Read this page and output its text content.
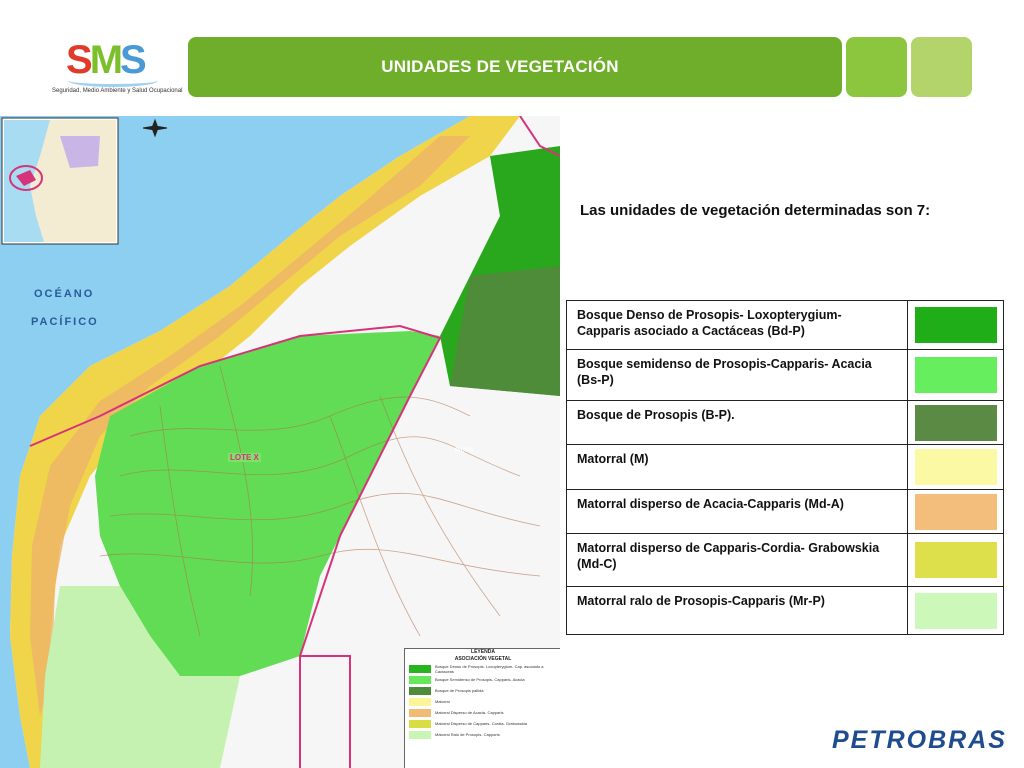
SMS
Seguridad, Medio Ambiente y Salud Ocupacional
UNIDADES DE VEGETACIÓN
OCÉANO
PACÍFICO
LOTE X
PIURA
LEYENDA
ASOCIACIÓN VEGETAL
Bosque Denso de Prosopis- Loxopterygium- Cap. asociado a Cactaceas
Bosque Semidenso de Prosopis- Capparis- Acacia
Bosque de Prosopis pallida
Matorral
Matorral Disperso de Acacia- Capparis
Matorral Disperso de Capparis- Cordia- Grabowskia
Matorral Ralo de Prosopis- Capparis
Las unidades de vegetación determinadas son 7:
Bosque Denso de Prosopis- Loxopterygium- Capparis asociado a Cactáceas (Bd-P)	

Bosque semidenso de Prosopis-Capparis- Acacia (Bs-P)	

Bosque de Prosopis (B-P).	

Matorral (M)	

Matorral disperso de Acacia-Capparis (Md-A)	

Matorral disperso de Capparis-Cordia- Grabowskia (Md-C)	

Matorral ralo de Prosopis-Capparis (Mr-P)	
PETROBRAS
